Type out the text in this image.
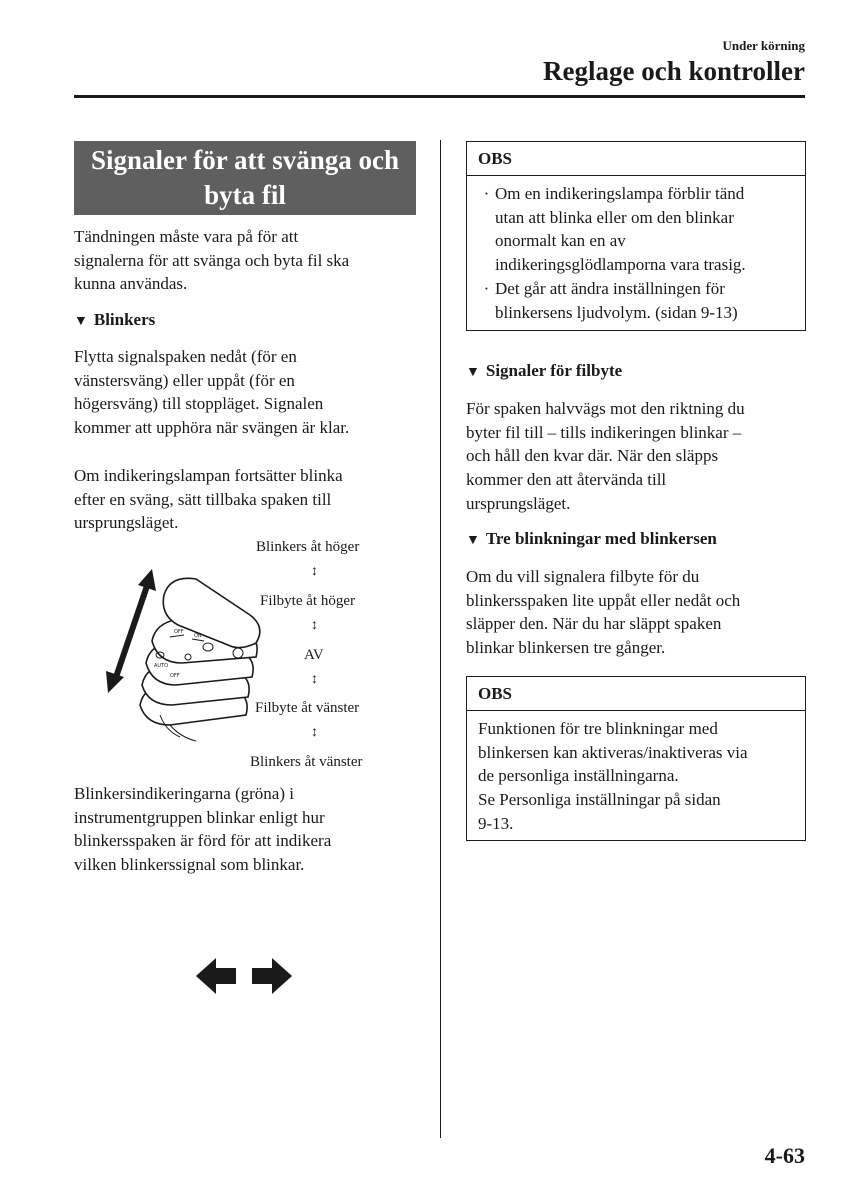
Under körning
Reglage och kontroller
Signaler för att svänga och
byta fil
Tändningen måste vara på för att
signalerna för att svänga och byta fil ska
kunna användas.
▼ Blinkers
Flytta signalspaken nedåt (för en
vänstersväng) eller uppåt (för en
högersväng) till stoppläget. Signalen
kommer att upphöra när svängen är klar.
Om indikeringslampan fortsätter blinka
efter en sväng, sätt tillbaka spaken till
ursprungsläget.
OFF
ON
AUTO
OFF
Blinkers åt höger
↕
Filbyte åt höger
↕
AV
↕
Filbyte åt vänster
↕
Blinkers åt vänster
Blinkersindikeringarna (gröna) i
instrumentgruppen blinkar enligt hur
blinkersspaken är förd för att indikera
vilken blinkerssignal som blinkar.
OBS
· Om en indikeringslampa förblir tänd
utan att blinka eller om den blinkar
onormalt kan en av
indikeringsglödlamporna vara trasig.
· Det går att ändra inställningen för
blinkersens ljudvolym. (sidan 9-13)
▼ Signaler för filbyte
För spaken halvvägs mot den riktning du
byter fil till – tills indikeringen blinkar –
och håll den kvar där. När den släpps
kommer den att återvända till
ursprungsläget.
▼ Tre blinkningar med blinkersen
Om du vill signalera filbyte för du
blinkersspaken lite uppåt eller nedåt och
släpper den. När du har släppt spaken
blinkar blinkersen tre gånger.
OBS
Funktionen för tre blinkningar med
blinkersen kan aktiveras/inaktiveras via
de personliga inställningarna.
Se Personliga inställningar på sidan
9-13.
4-63
